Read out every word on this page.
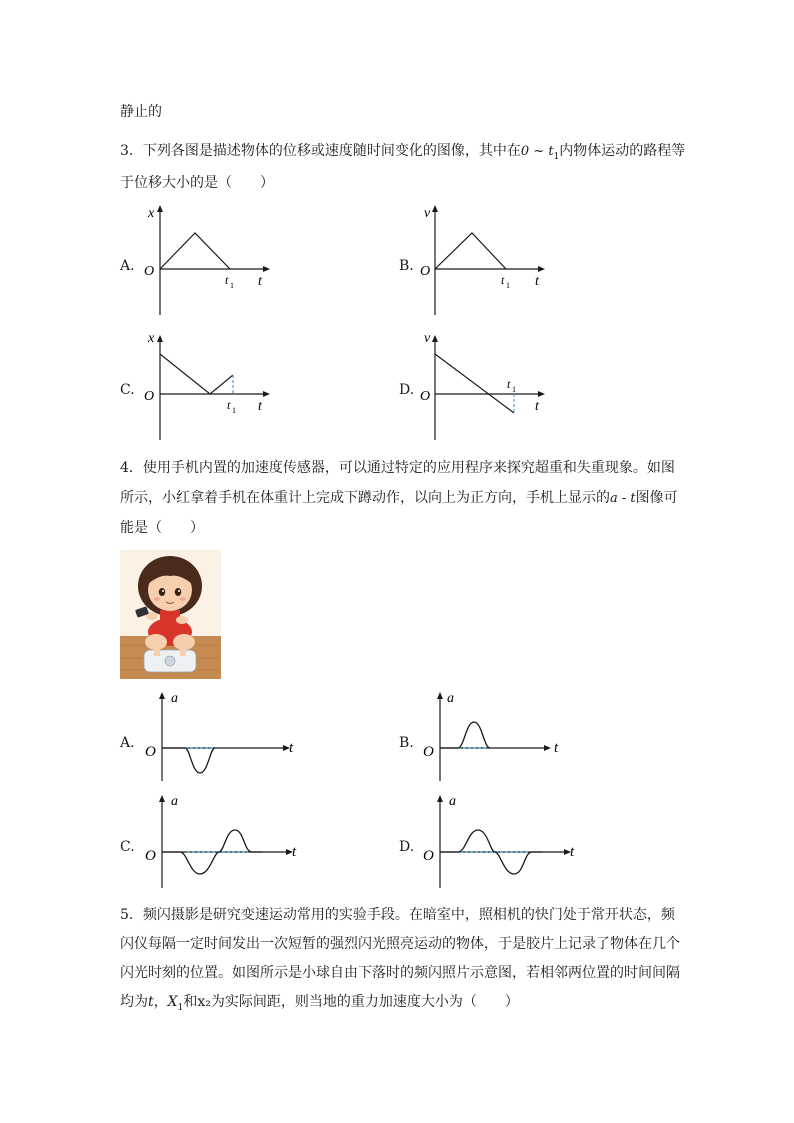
静止的
3．下列各图是描述物体的位移或速度随时间变化的图像，其中在0 ~ $t_1$内物体运动的路程等
于位移大小的是（　　）
A.
x
O
t
t 1
B.
v
O
t
t 1
C.
x
O
t
t 1
D.
v
O
t
t 1
4．使用手机内置的加速度传感器，可以通过特定的应用程序来探究超重和失重现象。如图
所示，小红拿着手机在体重计上完成下蹲动作，以向上为正方向，手机上显示的a - t图像可
能是（　　）
A.
a
O	t	B.
a
O	t
C.
a
O	t	D.
a
O	t
5．频闪摄影是研究变速运动常用的实验手段。在暗室中，照相机的快门处于常开状态，频
闪仪每隔一定时间发出一次短暂的强烈闪光照亮运动的物体，于是胶片上记录了物体在几个
闪光时刻的位置。如图所示是小球自由下落时的频闪照片示意图，若相邻两位置的时间间隔
均为t，$X_1$和x₂为实际间距，则当地的重力加速度大小为（　　）
